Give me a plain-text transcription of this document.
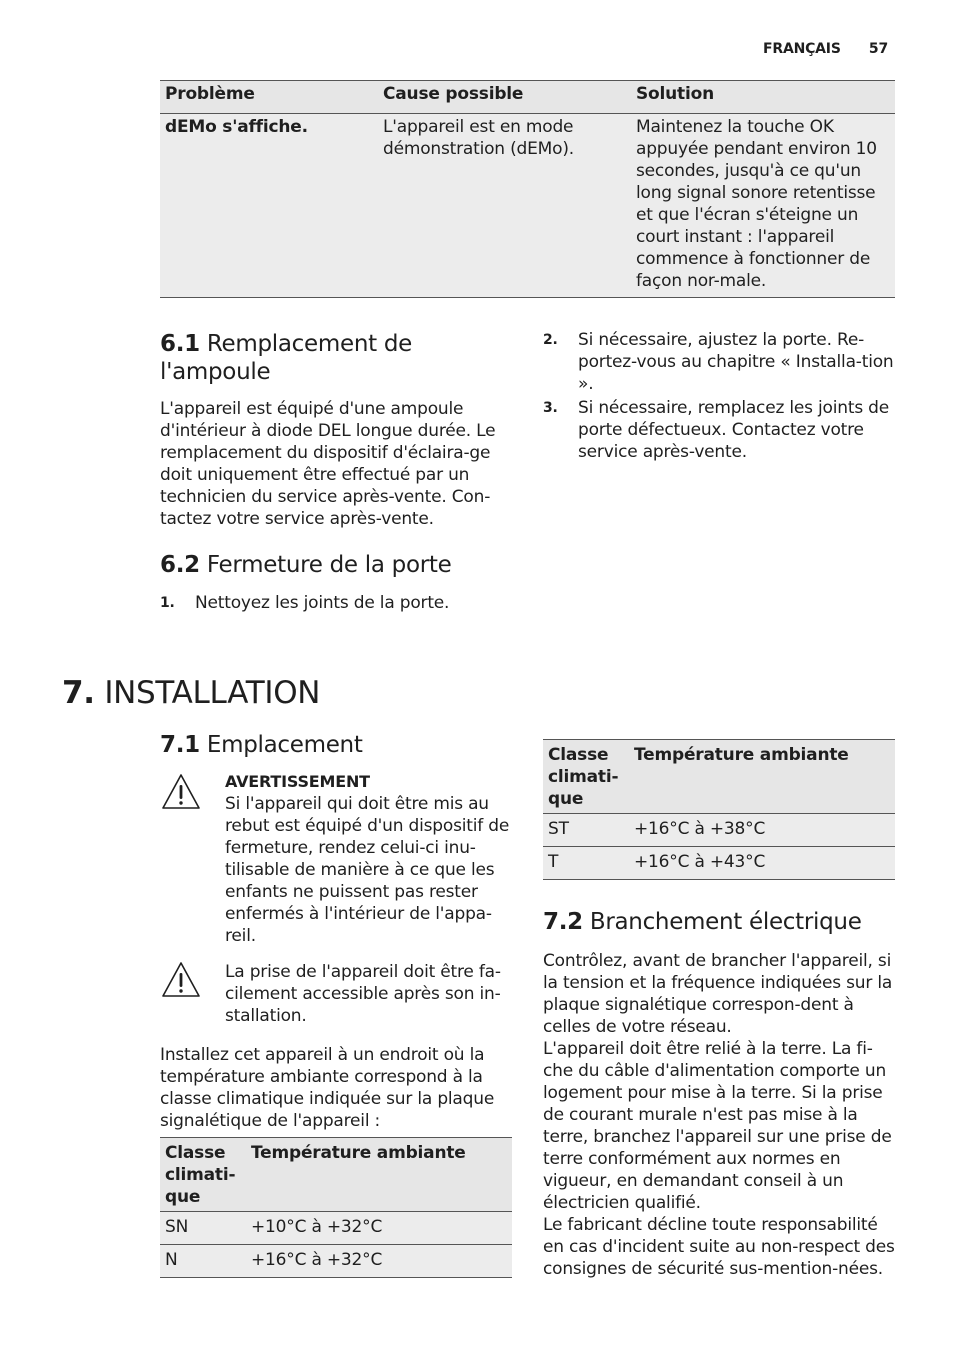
FRANÇAIS 57
Problème	Cause possible	Solution
dEMo s'affiche.	L'appareil est en mode démonstration (dEMo).	Maintenez la touche OK appuyée pendant environ 10 secondes, jusqu'à ce qu'un long signal sonore retentisse et que l'écran s'éteigne un court instant : l'appareil commence à fonctionner de façon nor-male.
6.1 Remplacement de
l'ampoule

L'appareil est équipé d'une ampoule d'intérieur à diode DEL longue durée. Le remplacement du dispositif d'éclaira-ge doit uniquement être effectué par un technicien du service après-vente. Con-tactez votre service après-vente.

6.2 Fermeture de la porte
1. Nettoyez les joints de la porte.
2. Si nécessaire, ajustez la porte. Re-portez-vous au chapitre « Installa-tion ».
3. Si nécessaire, remplacez les joints de porte défectueux. Contactez votre service après-vente.
7. INSTALLATION
7.1 Emplacement
AVERTISSEMENT
Si l'appareil qui doit être mis au rebut est équipé d'un dispositif de fermeture, rendez celui-ci inu-tilisable de manière à ce que les enfants ne puissent pas rester enfermés à l'intérieur de l'appa-reil.
La prise de l'appareil doit être fa-cilement accessible après son in-stallation.

Installez cet appareil à un endroit où la température ambiante correspond à la classe climatique indiquée sur la plaque signalétique de l'appareil :

Classe climati-que	Température ambiante
SN	+10°C à +32°C
N	+16°C à +32°C
Classe climati-que	Température ambiante
ST	+16°C à +38°C
T	+16°C à +43°C
7.2 Branchement électrique

Contrôlez, avant de brancher l'appareil, si la tension et la fréquence indiquées sur la plaque signalétique correspon-dent à celles de votre réseau.

L'appareil doit être relié à la terre. La fi-che du câble d'alimentation comporte un logement pour mise à la terre. Si la prise de courant murale n'est pas mise à la terre, branchez l'appareil sur une prise de terre conformément aux normes en vigueur, en demandant conseil à un électricien qualifié.

Le fabricant décline toute responsabilité en cas d'incident suite au non-respect des consignes de sécurité sus-mention-nées.
